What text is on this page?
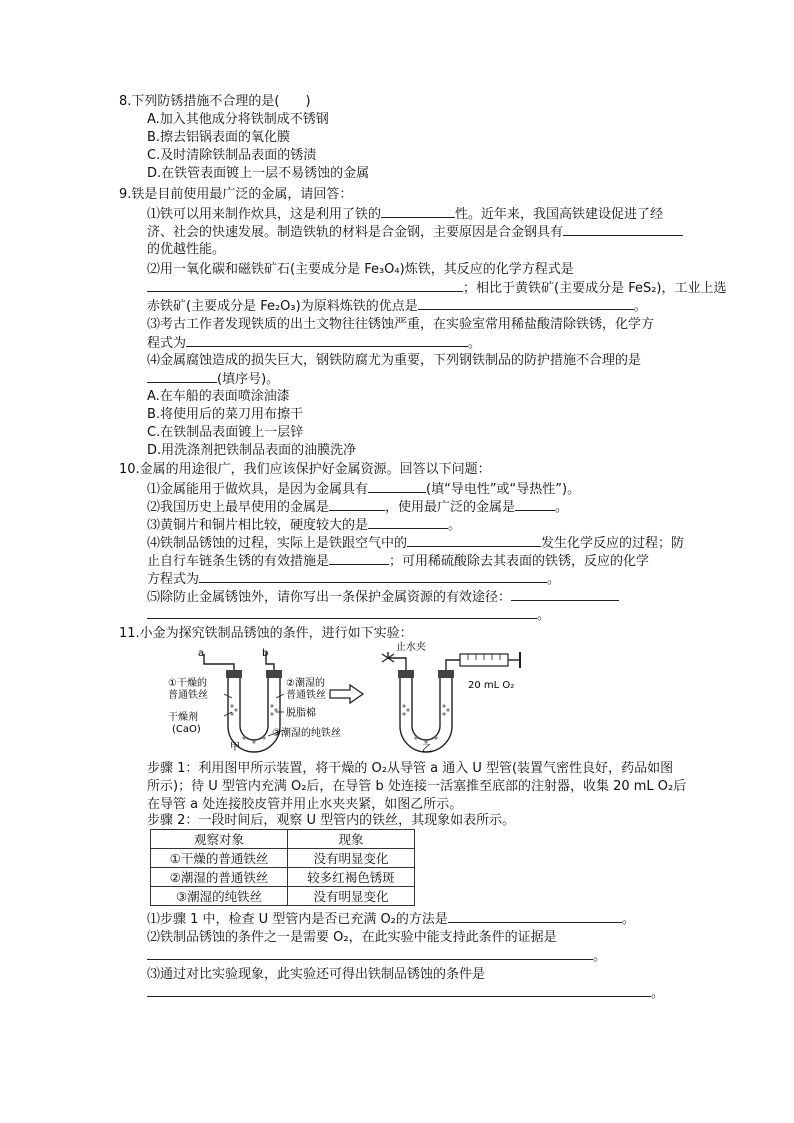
8.下列防锈措施不合理的是(　　)
A.加入其他成分将铁制成不锈钢
B.擦去铝锅表面的氧化膜
C.及时清除铁制品表面的锈渍
D.在铁管表面镀上一层不易锈蚀的金属
9.铁是目前使用最广泛的金属，请回答：
⑴铁可以用来制作炊具，这是利用了铁的	性。近年来，我国高铁建设促进了经
济、社会的快速发展。制造铁轨的材料是合金钢，主要原因是合金钢具有
的优越性能。
⑵用一氧化碳和磁铁矿石(主要成分是 Fe₃O₄)炼铁，其反应的化学方程式是
；相比于黄铁矿(主要成分是 FeS₂)，工业上选
赤铁矿(主要成分是 Fe₂O₃)为原料炼铁的优点是	。
⑶考古工作者发现铁质的出土文物往往锈蚀严重，在实验室常用稀盐酸清除铁锈，化学方
程式为	。
⑷金属腐蚀造成的损失巨大，钢铁防腐尤为重要，下列钢铁制品的防护措施不合理的是
(填序号)。
A.在车船的表面喷涂油漆
B.将使用后的菜刀用布擦干
C.在铁制品表面镀上一层锌
D.用洗涤剂把铁制品表面的油膜洗净
10.金属的用途很广，我们应该保护好金属资源。回答以下问题：
⑴金属能用于做炊具，是因为金属具有	(填“导电性”或“导热性”)。
⑵我国历史上最早使用的金属是	，使用最广泛的金属是	。
⑶黄铜片和铜片相比较，硬度较大的是	。
⑷铁制品锈蚀的过程，实际上是铁跟空气中的	发生化学反应的过程；防
止自行车链条生锈的有效措施是	；可用稀硫酸除去其表面的铁锈，反应的化学
方程式为	。
⑸除防止金属锈蚀外，请你写出一条保护金属资源的有效途径：
。
11.小金为探究铁制品锈蚀的条件，进行如下实验：
a	b
①干燥的
普通铁丝
干燥剂
(CaO)
②潮湿的
普通铁丝
脱脂棉
③潮湿的纯铁丝
甲
止水夹
20 mL O₂
乙
步骤 1：利用图甲所示装置，将干燥的 O₂从导管 a 通入 U 型管(装置气密性良好，药品如图
所示)；待 U 型管内充满 O₂后，在导管 b 处连接一活塞推至底部的注射器，收集 20 mL O₂后
在导管 a 处连接胶皮管并用止水夹夹紧，如图乙所示。
步骤 2：一段时间后，观察 U 型管内的铁丝，其现象如表所示。
观察对象	现象
①干燥的普通铁丝	没有明显变化
②潮湿的普通铁丝	较多红褐色锈斑
③潮湿的纯铁丝	没有明显变化
⑴步骤 1 中，检查 U 型管内是否已充满 O₂的方法是	。
⑵铁制品锈蚀的条件之一是需要 O₂，在此实验中能支持此条件的证据是
。
⑶通过对比实验现象，此实验还可得出铁制品锈蚀的条件是
。
